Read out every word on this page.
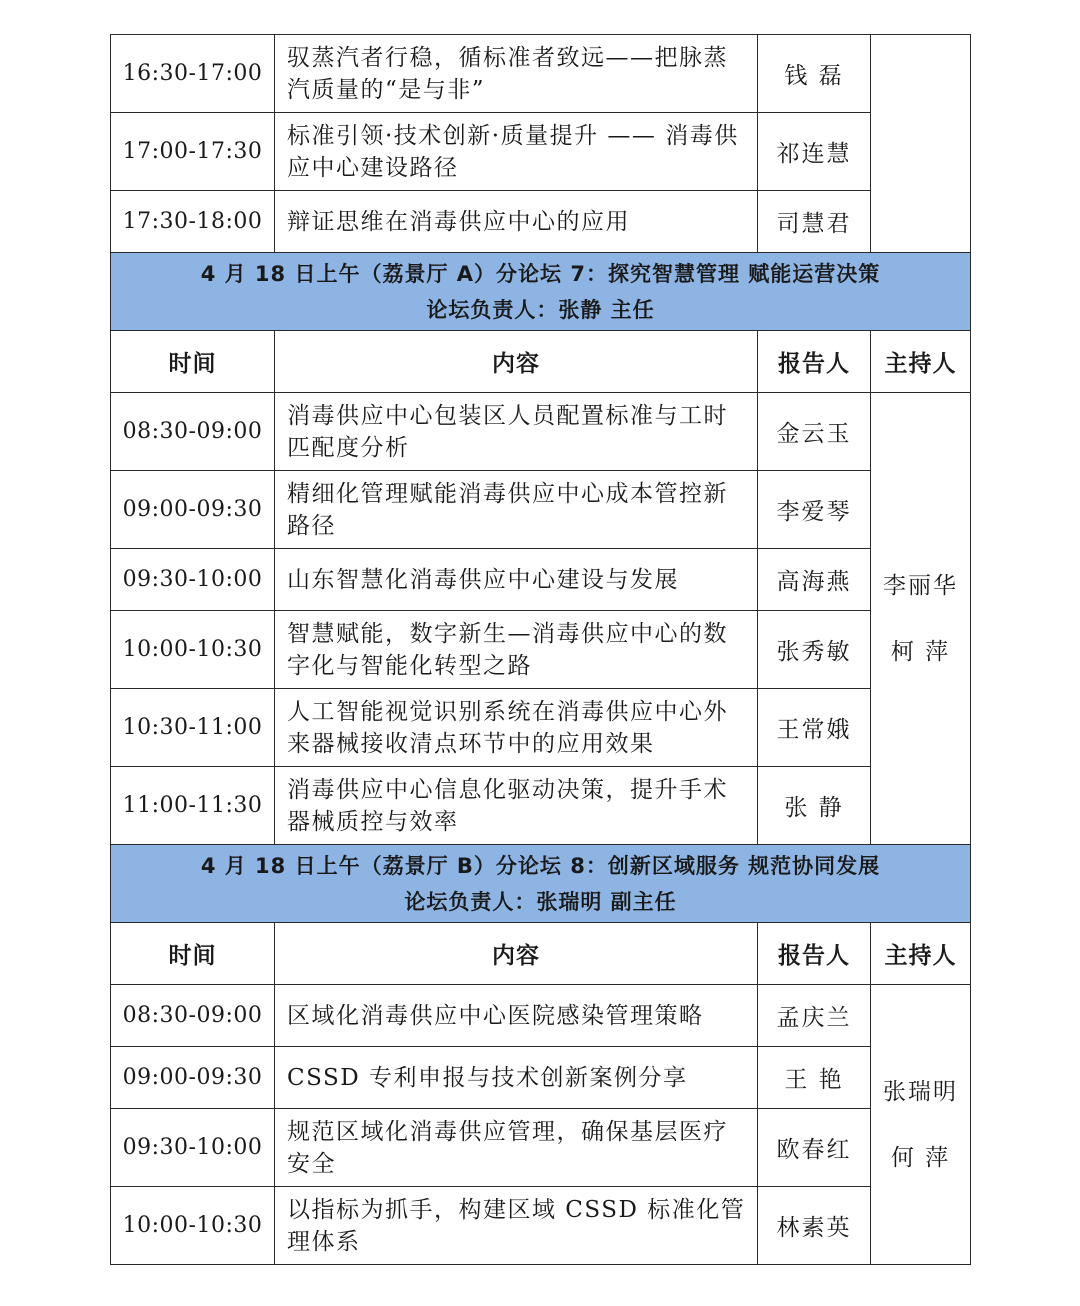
16:30-17:00	驭蒸汽者行稳，循标准者致远——把脉蒸汽质量的“是与非”	钱 磊	
17:00-17:30	标准引领·技术创新·质量提升 —— 消毒供应中心建设路径	祁连慧	
17:30-18:00	辩证思维在消毒供应中心的应用	司慧君	

4 月 18 日上午（荔景厅 A）分论坛 7：探究智慧管理 赋能运营决策
论坛负责人：张静 主任			

时间	内容	报告人	主持人
08:30-09:00	消毒供应中心包装区人员配置标准与工时匹配度分析	金云玉	李丽华
柯 萍

09:00-09:30	精细化管理赋能消毒供应中心成本管控新路径	李爱琴	
09:30-10:00	山东智慧化消毒供应中心建设与发展	高海燕	
10:00-10:30	智慧赋能，数字新生—消毒供应中心的数字化与智能化转型之路	张秀敏	
10:30-11:00	人工智能视觉识别系统在消毒供应中心外来器械接收清点环节中的应用效果	王常娥	
11:00-11:30	消毒供应中心信息化驱动决策，提升手术器械质控与效率	张 静	

4 月 18 日上午（荔景厅 B）分论坛 8：创新区域服务 规范协同发展
论坛负责人：张瑞明 副主任			

时间	内容	报告人	主持人
08:30-09:00	区域化消毒供应中心医院感染管理策略	孟庆兰	张瑞明
何 萍

09:00-09:30	CSSD 专利申报与技术创新案例分享	王 艳	
09:30-10:00	规范区域化消毒供应管理，确保基层医疗安全	欧春红	
10:00-10:30	以指标为抓手，构建区域 CSSD 标准化管理体系	林素英	
